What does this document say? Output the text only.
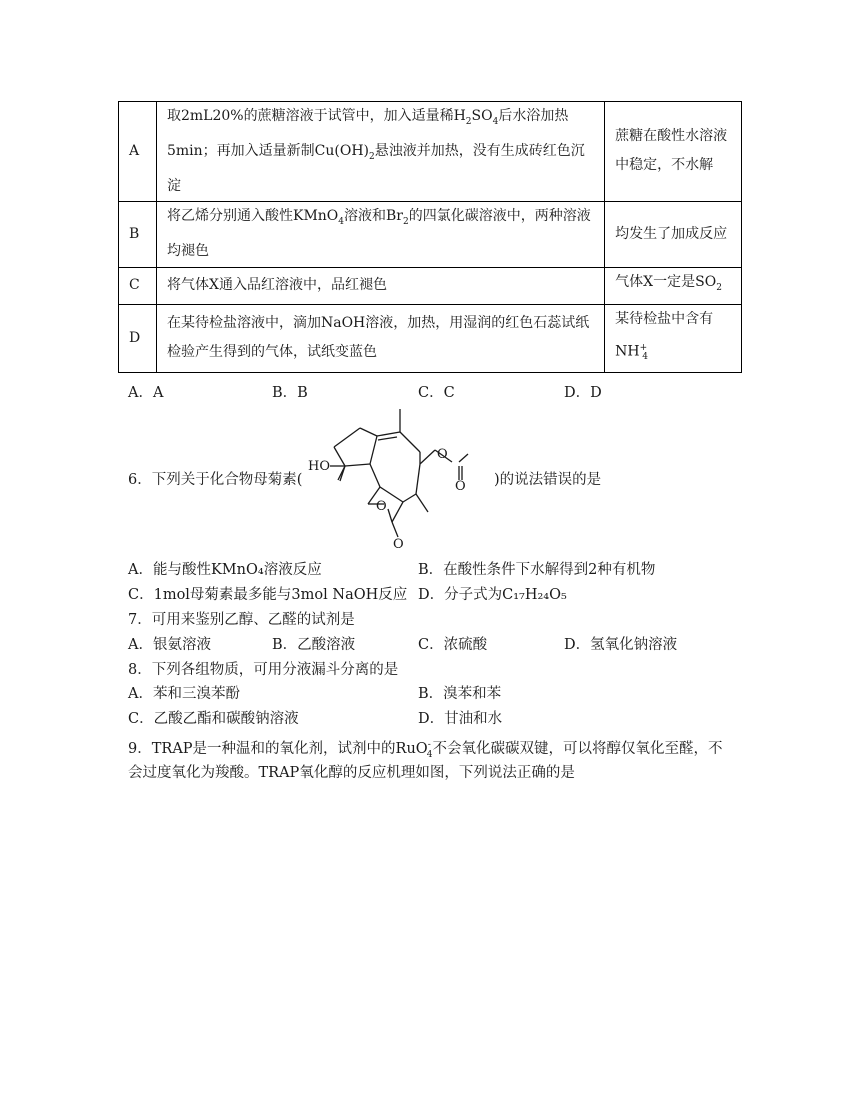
A	取2mL20%的蔗糖溶液于试管中，加入适量稀$H_2SO_4$后水浴加热5min；再加入适量新制$Cu(OH)_2$悬浊液并加热，没有生成砖红色沉淀	蔗糖在酸性水溶液中稳定，不水解
B	将乙烯分别通入酸性KMnO$_4$溶液和$Br_2$的四氯化碳溶液中，两种溶液均褪色	均发生了加成反应
C	将气体X通入品红溶液中，品红褪色	气体X一定是$SO_2$
D	在某待检盐溶液中，滴加NaOH溶液，加热，用湿润的红色石蕊试纸检验产生得到的气体，试纸变蓝色	某待检盐中含有$NH^+_4$
A．A	B．B	C．C	D．D
6．下列关于化合物母菊素(	)的说法错误的是
HO
O
O
O
O
A．能与酸性KMnO₄溶液反应	B．在酸性条件下水解得到2种有机物
C．1mol母菊素最多能与3mol NaOH反应 D．分子式为C₁₇H₂₄O₅
7．可用来鉴别乙醇、乙醛的试剂是
A．银氨溶液	B．乙酸溶液	C．浓硫酸	D．氢氧化钠溶液
8．下列各组物质，可用分液漏斗分离的是
A．苯和三溴苯酚	B．溴苯和苯
C．乙酸乙酯和碳酸钠溶液	D．甘油和水
9．TRAP是一种温和的氧化剂，试剂中的RuO-$_4$不会氧化碳碳双键，可以将醇仅氧化至醛，不
会过度氧化为羧酸。TRAP氧化醇的反应机理如图，下列说法正确的是
